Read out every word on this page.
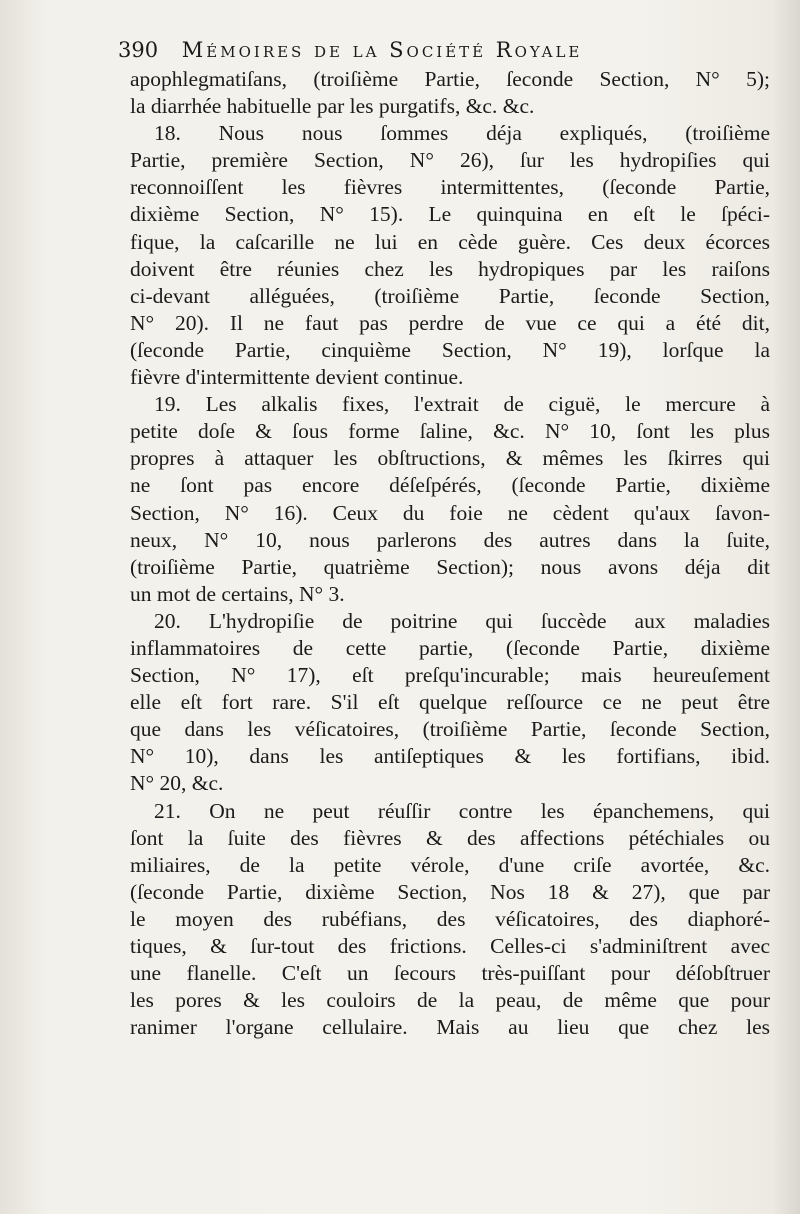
390 Mémoires de la Société Royale
apophlegmatiſans, (troiſième Partie, ſeconde Section, N° 5);
la diarrhée habituelle par les purgatifs, &c. &c.
18. Nous nous ſommes déja expliqués, (troiſième
Partie, première Section, N° 26), ſur les hydropiſies qui
reconnoiſſent les fièvres intermittentes, (ſeconde Partie,
dixième Section, N° 15). Le quinquina en eſt le ſpéci-
fique, la caſcarille ne lui en cède guère. Ces deux écorces
doivent être réunies chez les hydropiques par les raiſons
ci-devant alléguées, (troiſième Partie, ſeconde Section,
N° 20). Il ne faut pas perdre de vue ce qui a été dit,
(ſeconde Partie, cinquième Section, N° 19), lorſque la
fièvre d'intermittente devient continue.
19. Les alkalis fixes, l'extrait de ciguë, le mercure à
petite doſe & ſous forme ſaline, &c. N° 10, ſont les plus
propres à attaquer les obſtructions, & mêmes les ſkirres qui
ne ſont pas encore déſeſpérés, (ſeconde Partie, dixième
Section, N° 16). Ceux du foie ne cèdent qu'aux ſavon-
neux, N° 10, nous parlerons des autres dans la ſuite,
(troiſième Partie, quatrième Section); nous avons déja dit
un mot de certains, N° 3.
20. L'hydropiſie de poitrine qui ſuccède aux maladies
inflammatoires de cette partie, (ſeconde Partie, dixième
Section, N° 17), eſt preſqu'incurable; mais heureuſement
elle eſt fort rare. S'il eſt quelque reſſource ce ne peut être
que dans les véſicatoires, (troiſième Partie, ſeconde Section,
N° 10), dans les antiſeptiques & les fortifians, ibid.
N° 20, &c.
21. On ne peut réuſſir contre les épanchemens, qui
ſont la ſuite des fièvres & des affections pétéchiales ou
miliaires, de la petite vérole, d'une criſe avortée, &c.
(ſeconde Partie, dixième Section, Nos 18 & 27), que par
le moyen des rubéfians, des véſicatoires, des diaphoré-
tiques, & ſur-tout des frictions. Celles-ci s'adminiſtrent avec
une flanelle. C'eſt un ſecours très-puiſſant pour déſobſtruer
les pores & les couloirs de la peau, de même que pour
ranimer l'organe cellulaire. Mais au lieu que chez les
